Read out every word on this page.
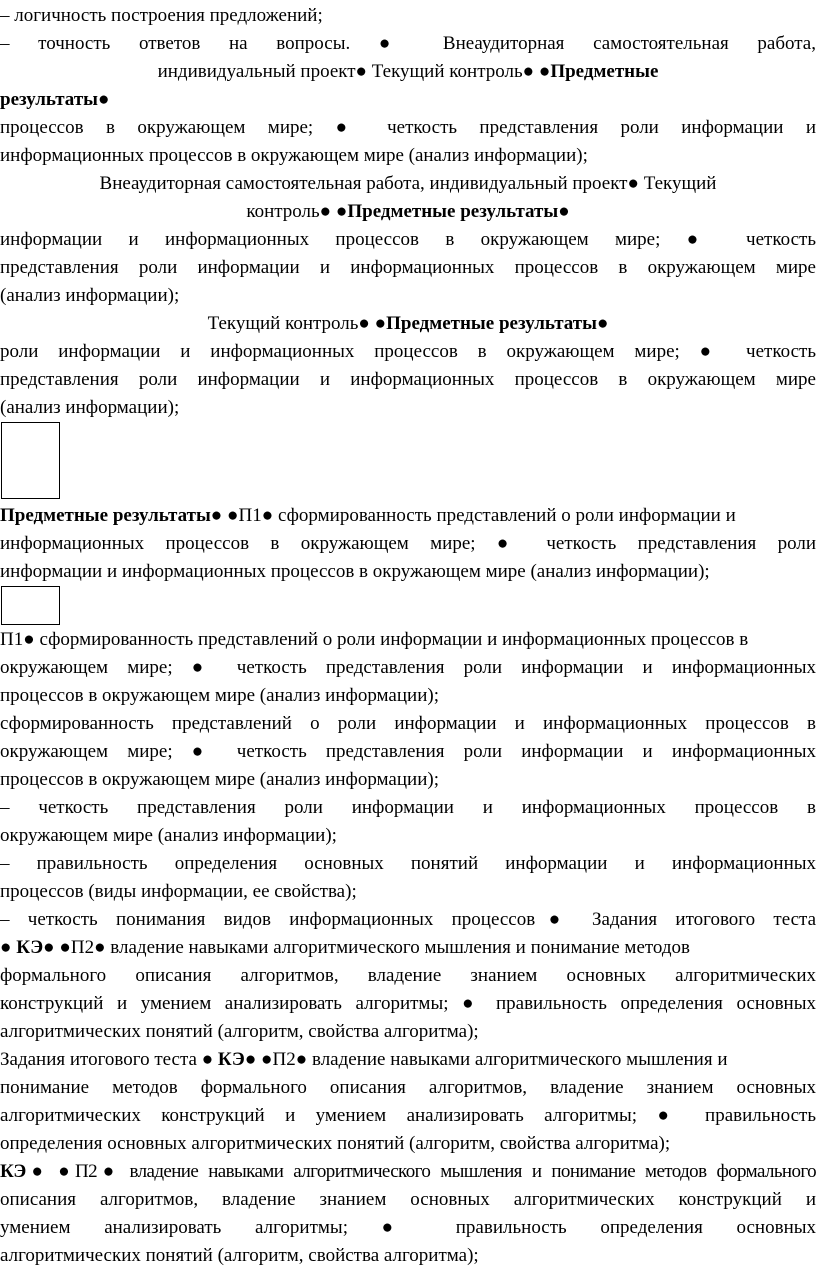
– логичность построения предложений;
– точность ответов на вопросы. ● Внеаудиторная самостоятельная работа,
индивидуальный проект● Текущий контроль● ●Предметные
результаты●
процессов в окружающем мире; ● четкость представления роли информации и
информационных процессов в окружающем мире (анализ информации);
Внеаудиторная самостоятельная работа, индивидуальный проект● Текущий
контроль● ●Предметные результаты●
информации и информационных процессов в окружающем мире; ● четкость
представления роли информации и информационных процессов в окружающем мире
(анализ информации);
Текущий контроль● ●Предметные результаты●
роли информации и информационных процессов в окружающем мире; ● четкость
представления роли информации и информационных процессов в окружающем мире
(анализ информации);
Предметные результаты● ●П1● сформированность представлений о роли информации и
информационных процессов в окружающем мире; ● четкость представления роли
информации и информационных процессов в окружающем мире (анализ информации);
П1● сформированность представлений о роли информации и информационных процессов в
окружающем мире; ● четкость представления роли информации и информационных
процессов в окружающем мире (анализ информации);
сформированность представлений о роли информации и информационных процессов в
окружающем мире; ● четкость представления роли информации и информационных
процессов в окружающем мире (анализ информации);
– четкость представления роли информации и информационных процессов в
окружающем мире (анализ информации);
– правильность определения основных понятий информации и информационных
процессов (виды информации, ее свойства);
– четкость понимания видов информационных процессов● Задания итогового теста
● КЭ● ●П2● владение навыками алгоритмического мышления и понимание методов
формального описания алгоритмов, владение знанием основных алгоритмических
конструкций и умением анализировать алгоритмы; ● правильность определения основных
алгоритмических понятий (алгоритм, свойства алгоритма);
Задания итогового теста ● КЭ● ●П2● владение навыками алгоритмического мышления и
понимание методов формального описания алгоритмов, владение знанием основных
алгоритмических конструкций и умением анализировать алгоритмы; ● правильность
определения основных алгоритмических понятий (алгоритм, свойства алгоритма);
КЭ● ●П2● владение навыками алгоритмического мышления и понимание методов формального
описания алгоритмов, владение знанием основных алгоритмических конструкций и
умением анализировать алгоритмы; ● правильность определения основных
алгоритмических понятий (алгоритм, свойства алгоритма);
